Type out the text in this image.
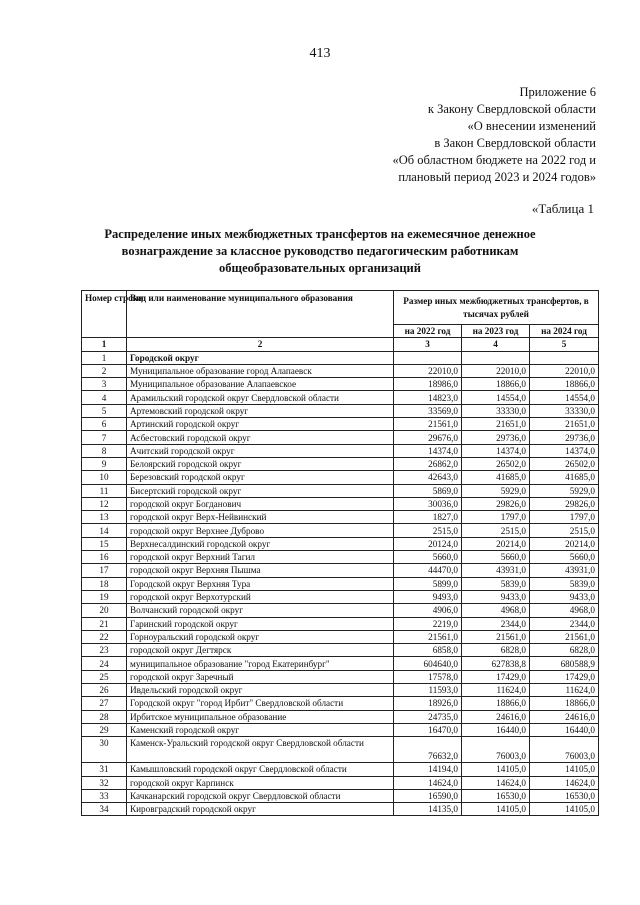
413
Приложение 6
к Закону Свердловской области
«О внесении изменений
в Закон Свердловской области
«Об областном бюджете на 2022 год и
плановый период 2023 и 2024 годов»
«Таблица 1
Распределение иных межбюджетных трансфертов на ежемесячное денежное вознаграждение за классное руководство педагогическим работникам общеобразовательных организаций
Номер строки	Вид или наименование муниципального образования	Размер иных межбюджетных трансфертов, в тысячах рублей		
		на 2022 год	на 2023 год	на 2024 год
1	2	3	4	5
1	Городской округ			
2	Муниципальное образование город Алапаевск	22010,0	22010,0	22010,0
3	Муниципальное образование Алапаевское	18986,0	18866,0	18866,0
4	Арамильский городской округ Свердловской области	14823,0	14554,0	14554,0
5	Артемовский городской округ	33569,0	33330,0	33330,0
6	Артинский городской округ	21561,0	21651,0	21651,0
7	Асбестовский городской округ	29676,0	29736,0	29736,0
8	Ачитский городской округ	14374,0	14374,0	14374,0
9	Белоярский городской округ	26862,0	26502,0	26502,0
10	Березовский городской округ	42643,0	41685,0	41685,0
11	Бисертский городской округ	5869,0	5929,0	5929,0
12	городской округ Богданович	30036,0	29826,0	29826,0
13	городской округ Верх-Нейвинский	1827,0	1797,0	1797,0
14	городской округ Верхнее Дуброво	2515,0	2515,0	2515,0
15	Верхнесалдинский городской округ	20124,0	20214,0	20214,0
16	городской округ Верхний Тагил	5660,0	5660,0	5660,0
17	городской округ Верхняя Пышма	44470,0	43931,0	43931,0
18	Городской округ Верхняя Тура	5899,0	5839,0	5839,0
19	городской округ Верхотурский	9493,0	9433,0	9433,0
20	Волчанский городской округ	4906,0	4968,0	4968,0
21	Гаринский городской округ	2219,0	2344,0	2344,0
22	Горноуральский городской округ	21561,0	21561,0	21561,0
23	городской округ Дегтярск	6858,0	6828,0	6828,0
24	муниципальное образование "город Екатеринбург"	604640,0	627838,8	680588,9
25	городской округ Заречный	17578,0	17429,0	17429,0
26	Ивдельский городской округ	11593,0	11624,0	11624,0
27	Городской округ "город Ирбит" Свердловской области	18926,0	18866,0	18866,0
28	Ирбитское муниципальное образование	24735,0	24616,0	24616,0
29	Каменский городской округ	16470,0	16440,0	16440,0
30	Каменск-Уральский городской округ Свердловской области	76632,0	76003,0	76003,0
31	Камышловский городской округ Свердловской области	14194,0	14105,0	14105,0
32	городской округ Карпинск	14624,0	14624,0	14624,0
33	Качканарский городской округ Свердловской области	16590,0	16530,0	16530,0
34	Кировградский городской округ	14135,0	14105,0	14105,0
